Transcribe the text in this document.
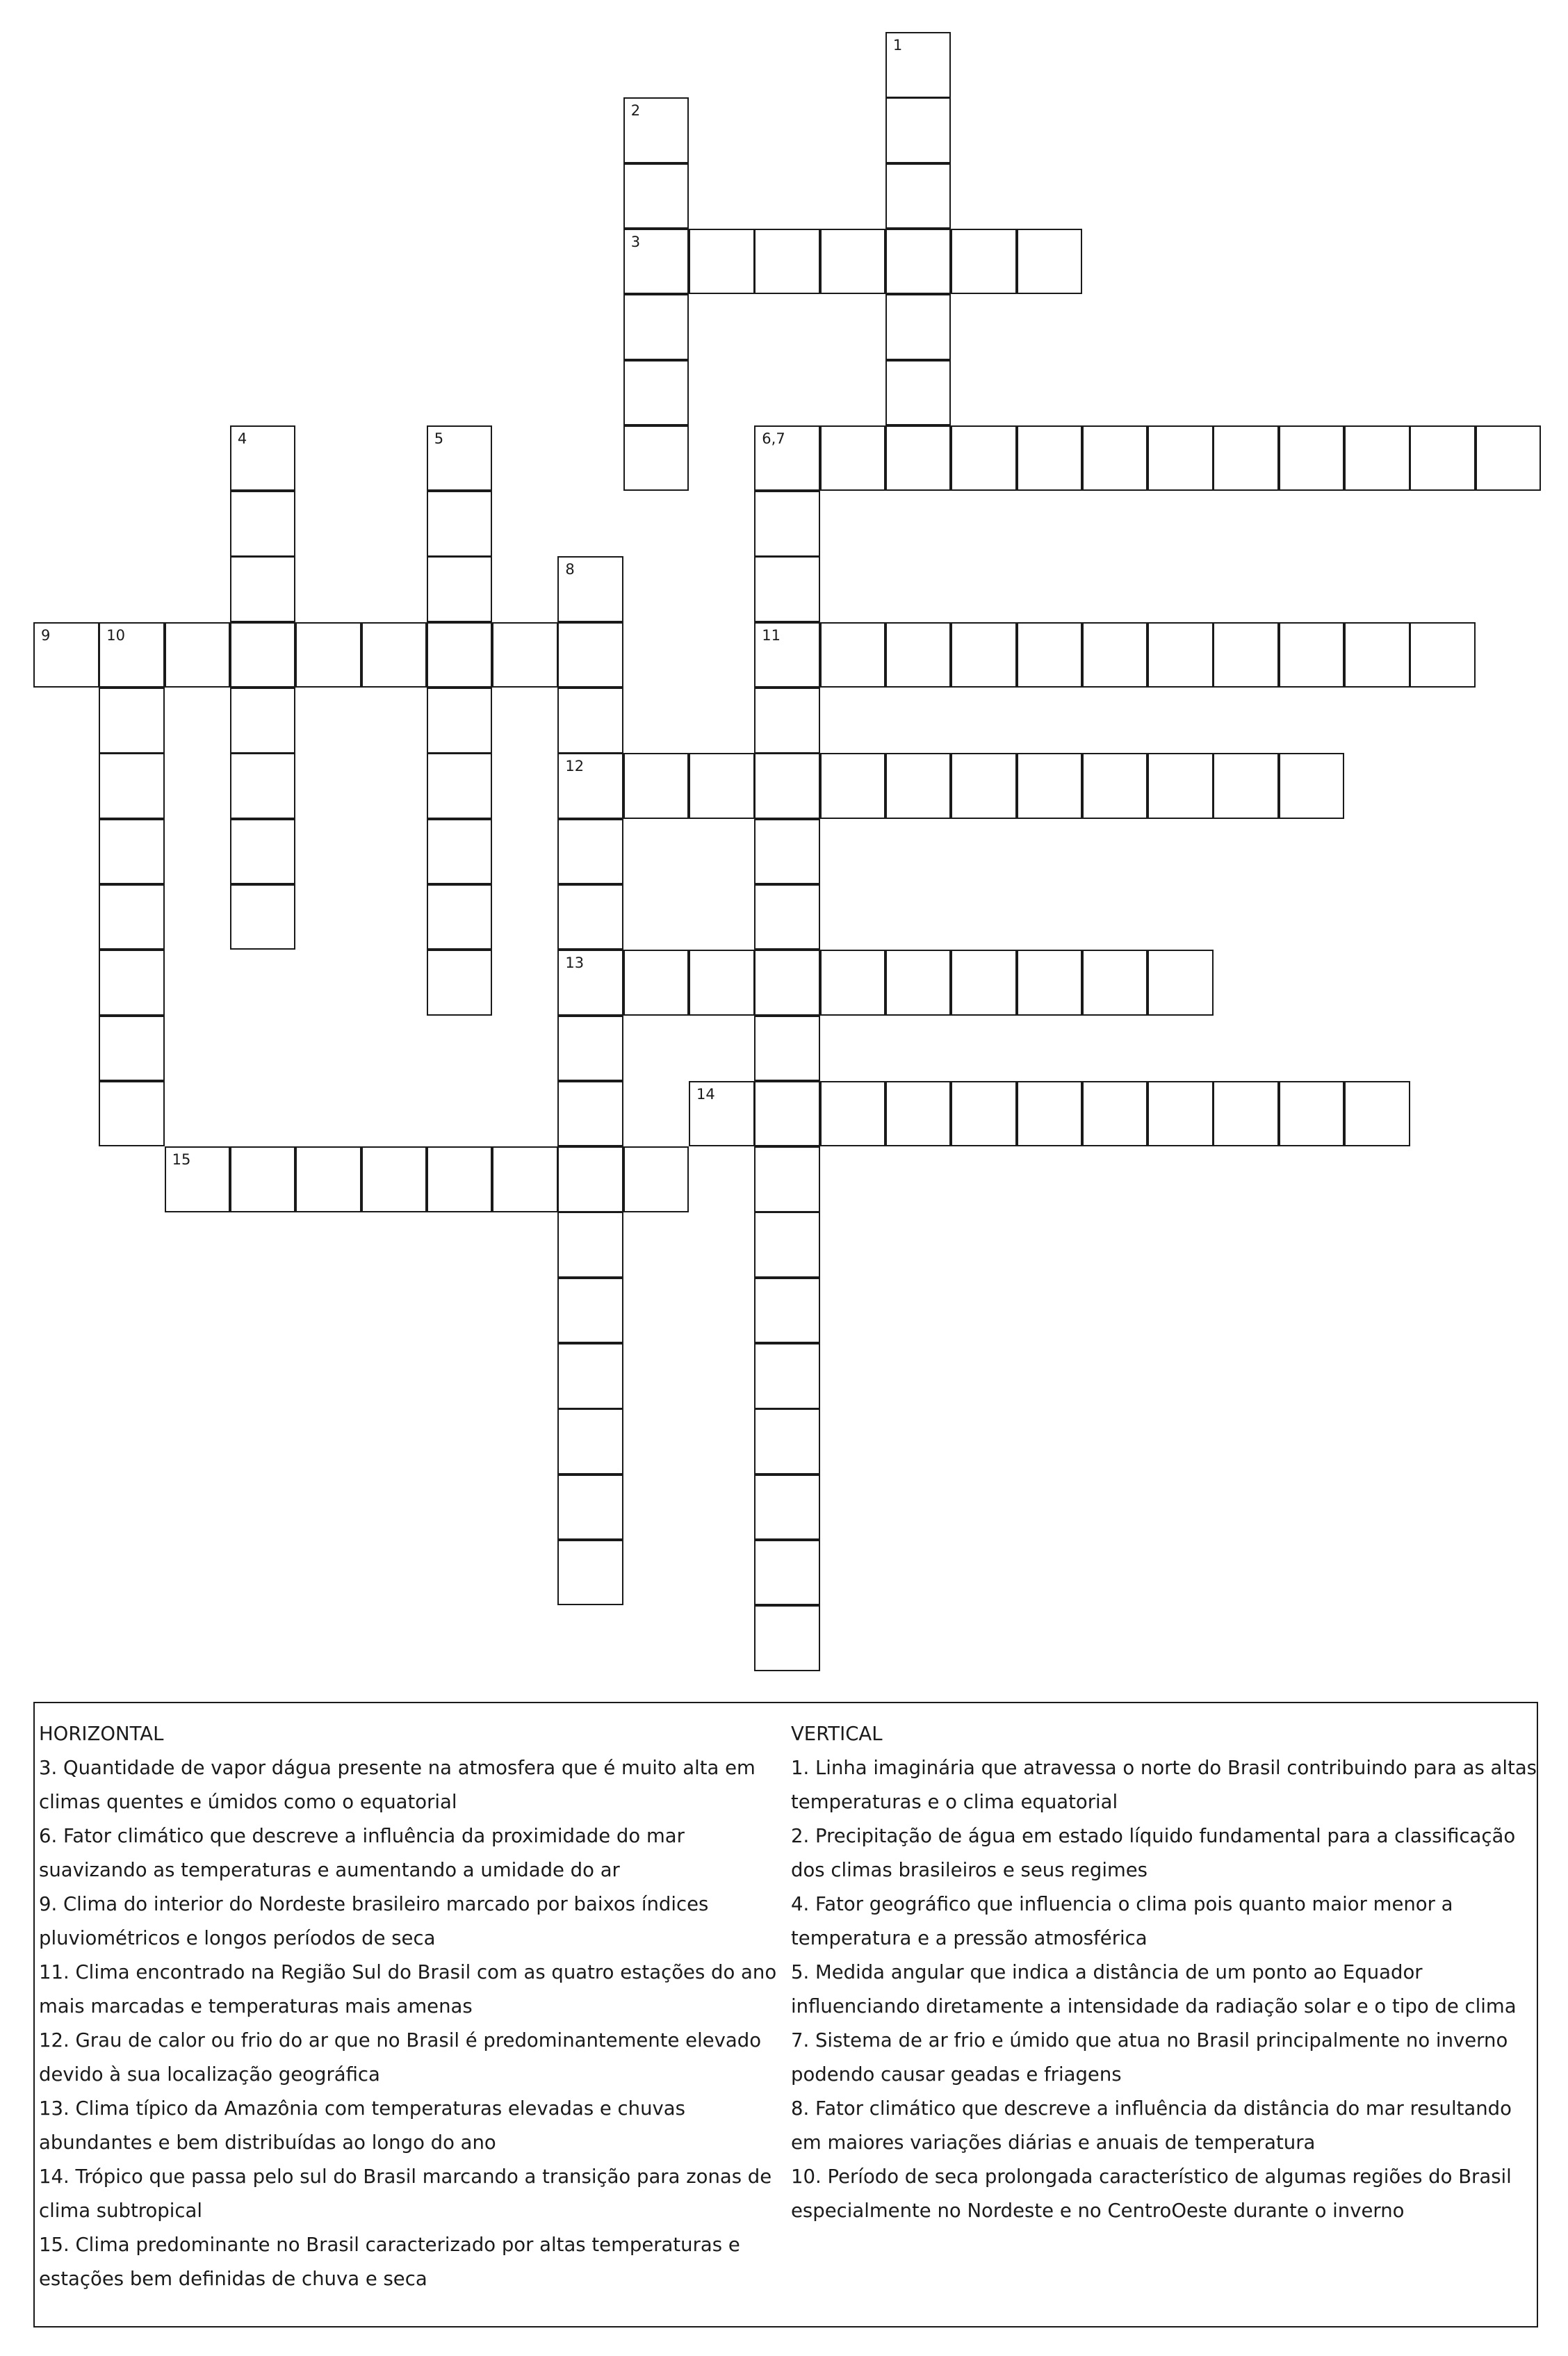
1
2
3
4	5	6,7
11
8
12
13
9	10
14
15
HORIZONTAL
3. Quantidade de vapor dágua presente na atmosfera que é muito alta em climas quentes e úmidos como o equatorial
6. Fator climático que descreve a influência da proximidade do mar suavizando as temperaturas e aumentando a umidade do ar
9. Clima do interior do Nordeste brasileiro marcado por baixos índices pluviométricos e longos períodos de seca
11. Clima encontrado na Região Sul do Brasil com as quatro estações do ano mais marcadas e temperaturas mais amenas
12. Grau de calor ou frio do ar que no Brasil é predominantemente elevado devido à sua localização geográfica
13. Clima típico da Amazônia com temperaturas elevadas e chuvas abundantes e bem distribuídas ao longo do ano
14. Trópico que passa pelo sul do Brasil marcando a transição para zonas de clima subtropical
15. Clima predominante no Brasil caracterizado por altas temperaturas e estações bem definidas de chuva e seca
VERTICAL
1. Linha imaginária que atravessa o norte do Brasil contribuindo para as altas temperaturas e o clima equatorial
2. Precipitação de água em estado líquido fundamental para a classificação dos climas brasileiros e seus regimes
4. Fator geográfico que influencia o clima pois quanto maior menor a temperatura e a pressão atmosférica
5. Medida angular que indica a distância de um ponto ao Equador influenciando diretamente a intensidade da radiação solar e o tipo de clima
7. Sistema de ar frio e úmido que atua no Brasil principalmente no inverno podendo causar geadas e friagens
8. Fator climático que descreve a influência da distância do mar resultando em maiores variações diárias e anuais de temperatura
10. Período de seca prolongada característico de algumas regiões do Brasil especialmente no Nordeste e no CentroOeste durante o inverno
